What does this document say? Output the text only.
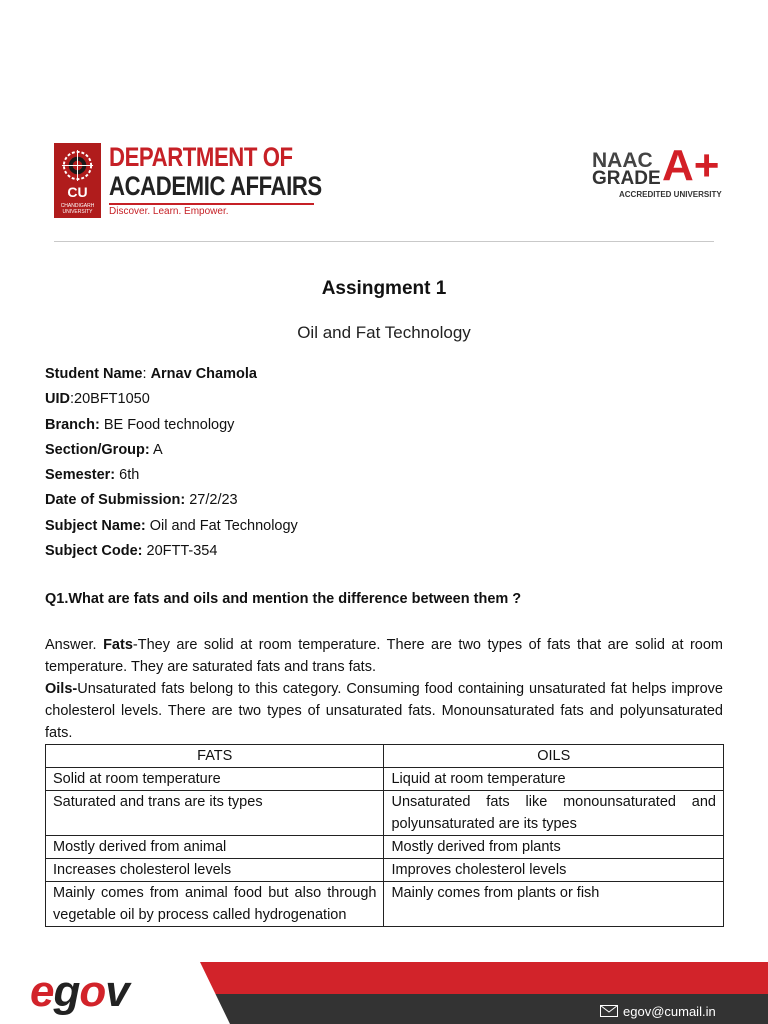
CU
CHANDIGARH UNIVERSITY
DEPARTMENT OF
ACADEMIC AFFAIRS
Discover. Learn. Empower.
NAAC
GRADE A+
ACCREDITED UNIVERSITY
Assingment 1
Oil and Fat Technology
Student Name: Arnav Chamola
UID:20BFT1050
Branch: BE Food technology
Section/Group: A
Semester: 6th
Date of Submission: 27/2/23
Subject Name: Oil and Fat Technology
Subject Code: 20FTT-354
Q1.What are fats and oils and mention the difference between them ?
Answer. Fats-They are solid at room temperature. There are two types of fats that are solid at room temperature. They are saturated fats and trans fats.
Oils-Unsaturated fats belong to this category. Consuming food containing unsaturated fat helps improve cholesterol levels. There are two types of unsaturated fats. Monounsaturated fats and polyunsaturated fats.
FATS	OILS
Solid at room temperature	Liquid at room temperature
Saturated and trans are its types	Unsaturated fats like monounsaturated and polyunsaturated are its types
Mostly derived from animal	Mostly derived from plants
Increases cholesterol levels	Improves cholesterol levels
Mainly comes from animal food but also through vegetable oil by process called hydrogenation	Mainly comes from plants or fish
egov	egov@cumail.in
